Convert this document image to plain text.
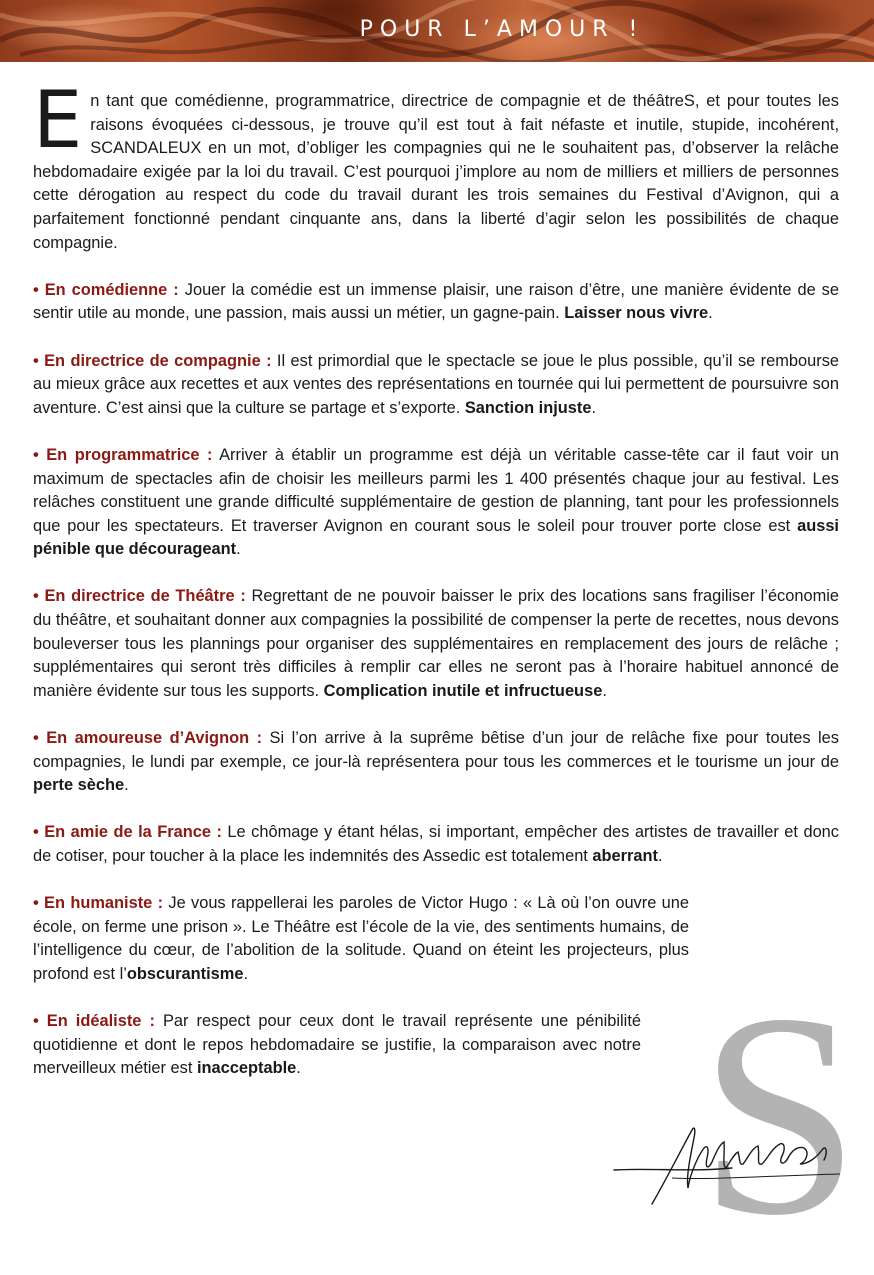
POUR L’AMOUR !

En tant que comédienne, programmatrice, directrice de compagnie et de théâtreS, et pour toutes les raisons évoquées ci-dessous, je trouve qu’il est tout à fait néfaste et inutile, stupide, incohérent, SCANDALEUX en un mot, d’obliger les compagnies qui ne le souhaitent pas, d’observer la relâche hebdomadaire exigée par la loi du travail. C’est pourquoi j’implore au nom de milliers et milliers de personnes cette dérogation au respect du code du travail durant les trois semaines du Festival d’Avignon, qui a parfaitement fonctionné pendant cinquante ans, dans la liberté d’agir selon les possibilités de chaque compagnie.

• En comédienne : Jouer la comédie est un immense plaisir, une raison d’être, une manière évidente de se sentir utile au monde, une passion, mais aussi un métier, un gagne-pain. Laisser nous vivre.

• En directrice de compagnie : Il est primordial que le spectacle se joue le plus possible, qu’il se rembourse au mieux grâce aux recettes et aux ventes des représentations en tournée qui lui permettent de poursuivre son aventure. C’est ainsi que la culture se partage et s’exporte. Sanction injuste.

• En programmatrice : Arriver à établir un programme est déjà un véritable casse-tête car il faut voir un maximum de spectacles afin de choisir les meilleurs parmi les 1 400 présentés chaque jour au festival. Les relâches constituent une grande difficulté supplémentaire de gestion de planning, tant pour les professionnels que pour les spectateurs. Et traverser Avignon en courant sous le soleil pour trouver porte close est aussi pénible que décourageant.

• En directrice de Théâtre : Regrettant de ne pouvoir baisser le prix des locations sans fragiliser l’économie du théâtre, et souhaitant donner aux compagnies la possibilité de compenser la perte de recettes, nous devons bouleverser tous les plannings pour organiser des supplémentaires en remplacement des jours de relâche ; supplémentaires qui seront très difficiles à remplir car elles ne seront pas à l’horaire habituel annoncé de manière évidente sur tous les supports. Complication inutile et infructueuse.

• En amoureuse d’Avignon : Si l’on arrive à la suprême bêtise d’un jour de relâche fixe pour toutes les compagnies, le lundi par exemple, ce jour-là représentera pour tous les commerces et le tourisme un jour de perte sèche.

• En amie de la France : Le chômage y étant hélas, si important, empêcher des artistes de travailler et donc de cotiser, pour toucher à la place les indemnités des Assedic est totalement aberrant.

• En humaniste : Je vous rappellerai les paroles de Victor Hugo : « Là où l’on ouvre une école, on ferme une prison ». Le Théâtre est l’école de la vie, des sentiments humains, de l’intelligence du cœur, de l’abolition de la solitude. Quand on éteint les projecteurs, plus profond est l’obscurantisme.

• En idéaliste : Par respect pour ceux dont le travail représente une pénibilité quotidienne et dont le repos hebdomadaire se justifie, la comparaison avec notre merveilleux métier est inacceptable.	S
